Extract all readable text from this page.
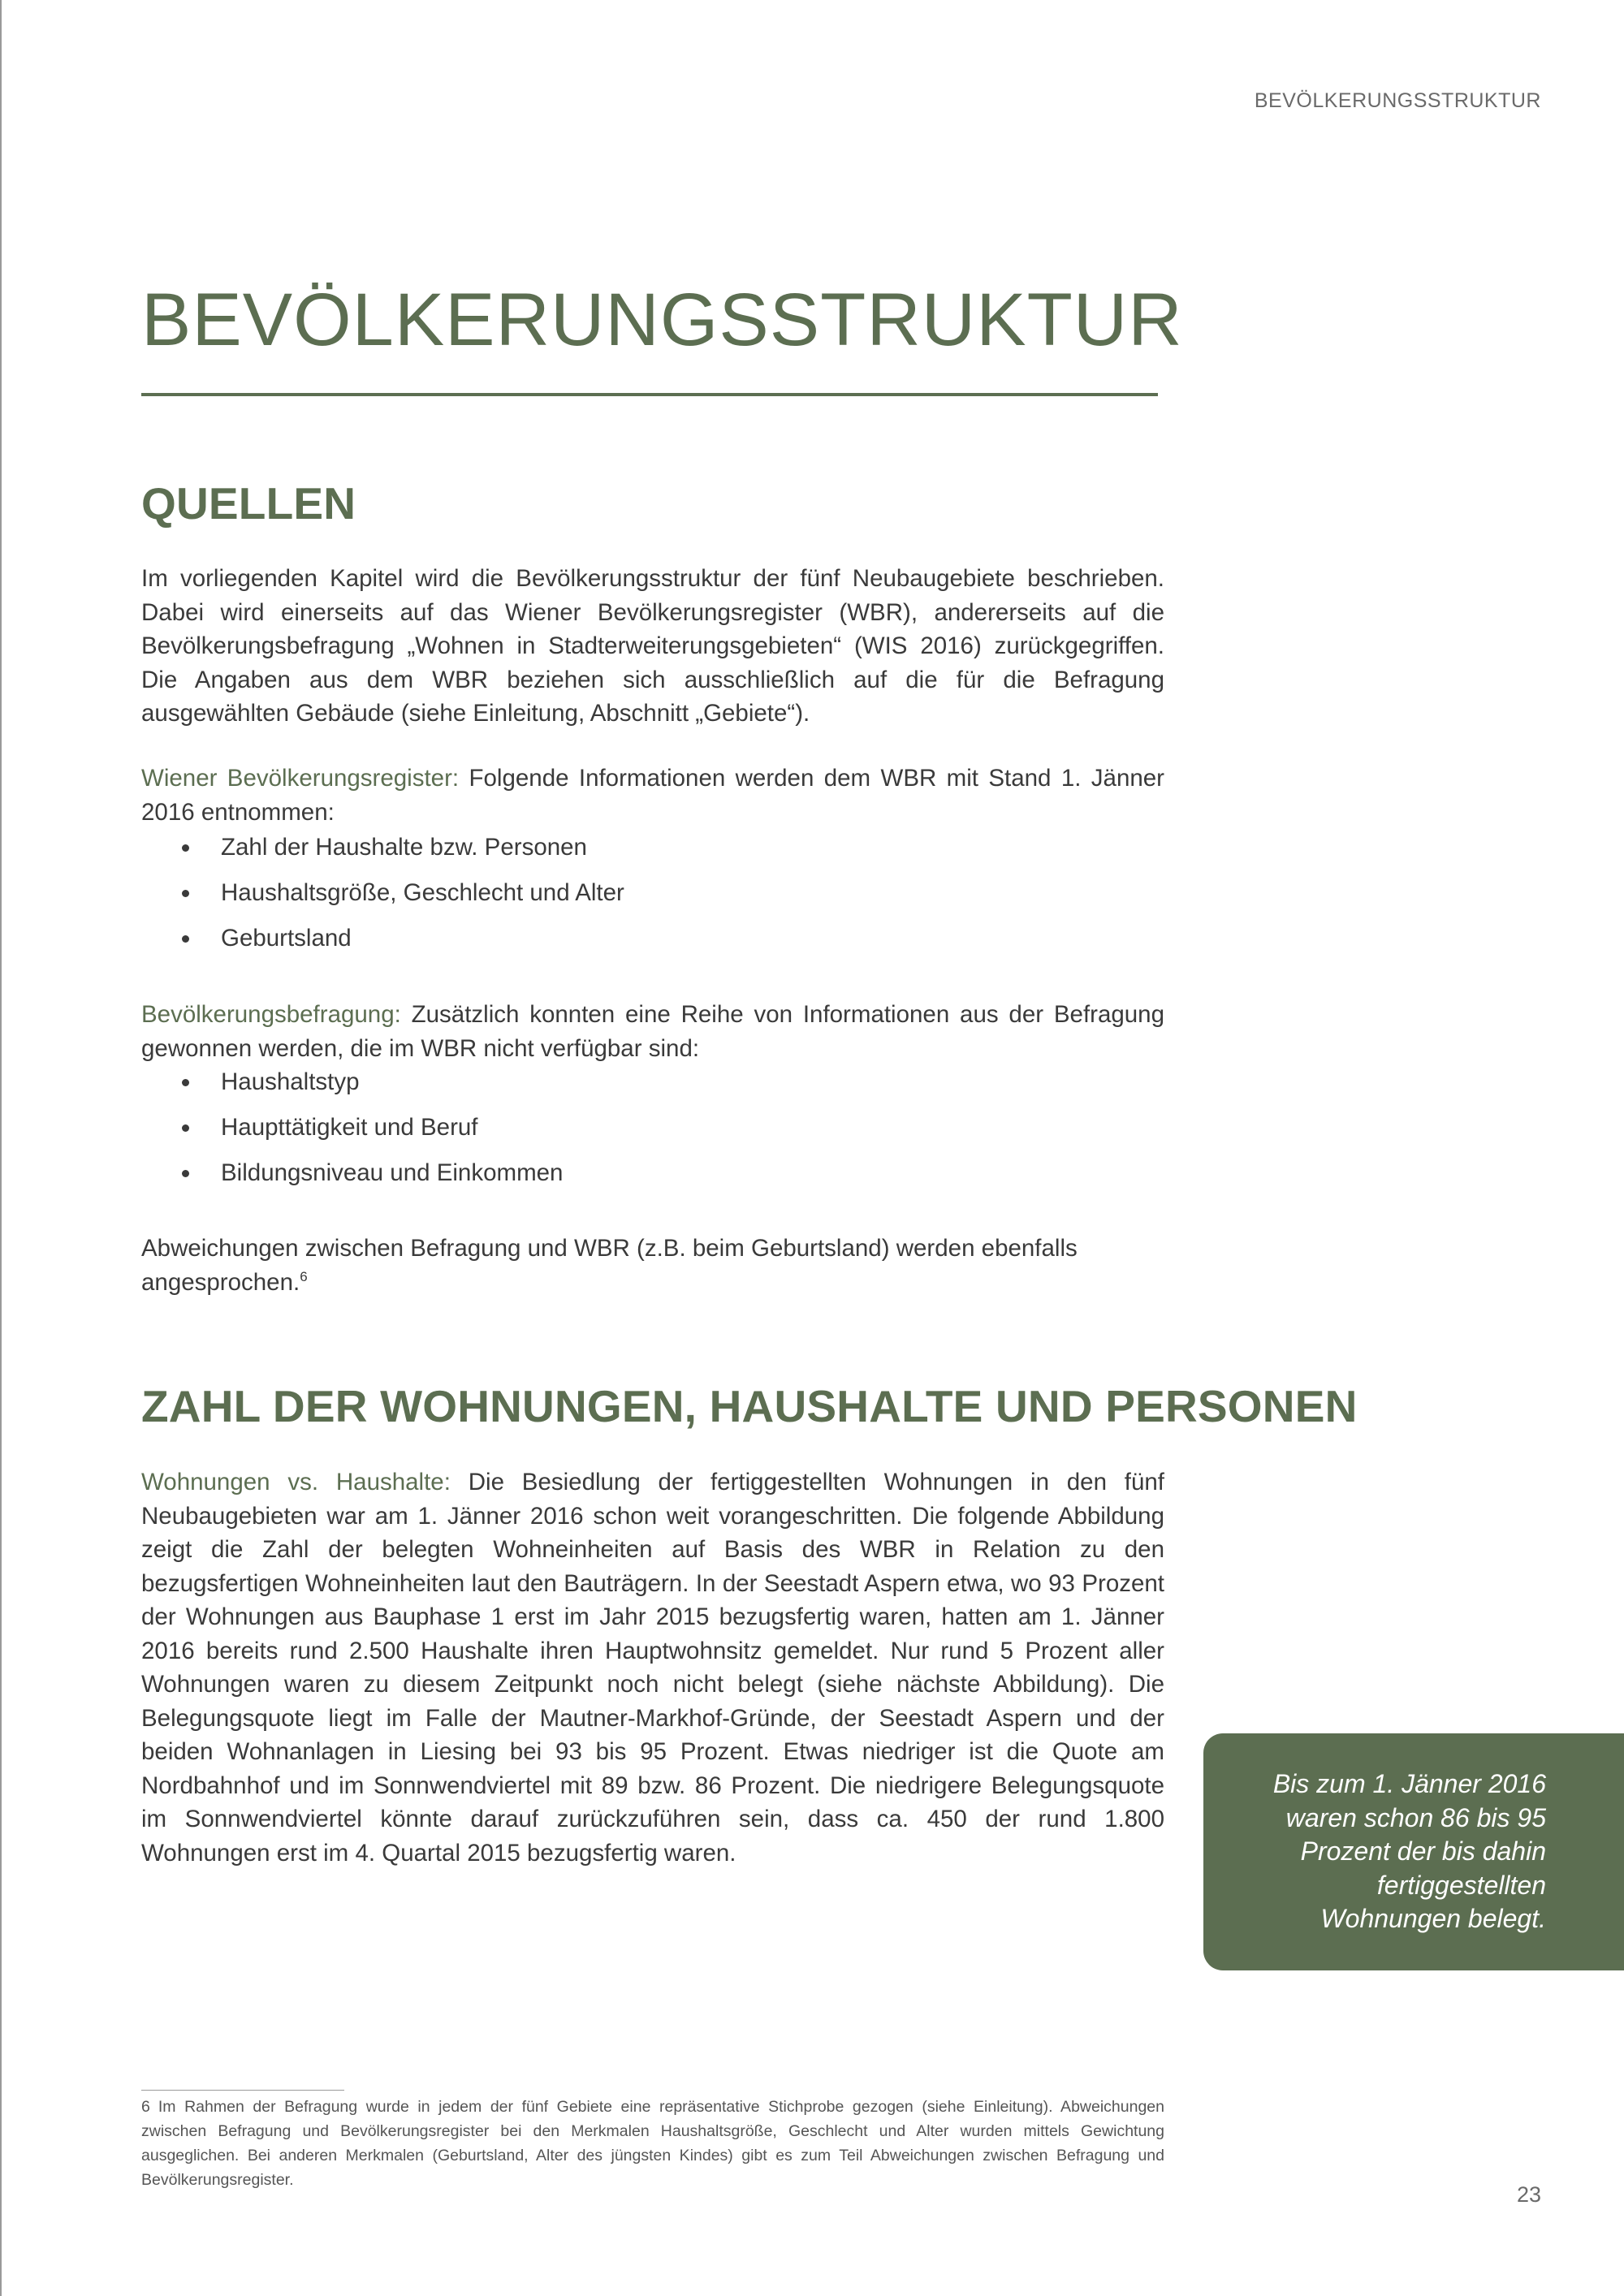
BEVÖLKERUNGSSTRUKTUR
BEVÖLKERUNGSSTRUKTUR
QUELLEN

Im vorliegenden Kapitel wird die Bevölkerungsstruktur der fünf Neubaugebiete beschrieben. Dabei wird einerseits auf das Wiener Bevölkerungsregister (WBR), andererseits auf die Bevölkerungsbefragung „Wohnen in Stadterweiterungsgebieten“ (WIS 2016) zurückgegriffen. Die Angaben aus dem WBR beziehen sich ausschließlich auf die für die Befragung ausgewählten Gebäude (siehe Einleitung, Abschnitt „Gebiete“).

Wiener Bevölkerungsregister: Folgende Informationen werden dem WBR mit Stand 1. Jänner 2016 entnommen:

Zahl der Haushalte bzw. Personen
Haushaltsgröße, Geschlecht und Alter
Geburtsland

Bevölkerungsbefragung: Zusätzlich konnten eine Reihe von Informationen aus der Befragung gewonnen werden, die im WBR nicht verfügbar sind:

Haushaltstyp
Haupttätigkeit und Beruf
Bildungsniveau und Einkommen

Abweichungen zwischen Befragung und WBR (z.B. beim Geburtsland) werden ebenfalls angesprochen.$^6$

ZAHL DER WOHNUNGEN, HAUSHALTE UND PERSONEN

Wohnungen vs. Haushalte: Die Besiedlung der fertiggestellten Wohnungen in den fünf Neubaugebieten war am 1. Jänner 2016 schon weit vorangeschritten. Die folgende Abbildung zeigt die Zahl der belegten Wohneinheiten auf Basis des WBR in Relation zu den bezugsfertigen Wohneinheiten laut den Bauträgern. In der Seestadt Aspern etwa, wo 93 Prozent der Wohnungen aus Bauphase 1 erst im Jahr 2015 bezugsfertig waren, hatten am 1. Jänner 2016 bereits rund 2.500 Haushalte ihren Hauptwohnsitz gemeldet. Nur rund 5 Prozent aller Wohnungen waren zu diesem Zeitpunkt noch nicht belegt (siehe nächste Abbildung). Die Belegungsquote liegt im Falle der Mautner-Markhof-Gründe, der Seestadt Aspern und der beiden Wohnanlagen in Liesing bei 93 bis 95 Prozent. Etwas niedriger ist die Quote am Nordbahnhof und im Sonnwendviertel mit 89 bzw. 86 Prozent. Die niedrigere Belegungsquote im Sonnwendviertel könnte darauf zurückzuführen sein, dass ca. 450 der rund 1.800 Wohnungen erst im 4. Quartal 2015 bezugsfertig waren.

Bis zum 1. Jänner 2016 waren schon 86 bis 95 Prozent der bis dahin fertiggestellten Wohnungen belegt.

6 Im Rahmen der Befragung wurde in jedem der fünf Gebiete eine repräsentative Stichprobe gezogen (siehe Einleitung). Abweichungen zwischen Befragung und Bevölkerungsregister bei den Merkmalen Haushaltsgröße, Geschlecht und Alter wurden mittels Gewichtung ausgeglichen. Bei anderen Merkmalen (Geburtsland, Alter des jüngsten Kindes) gibt es zum Teil Abweichungen zwischen Befragung und Bevölkerungsregister.

23
